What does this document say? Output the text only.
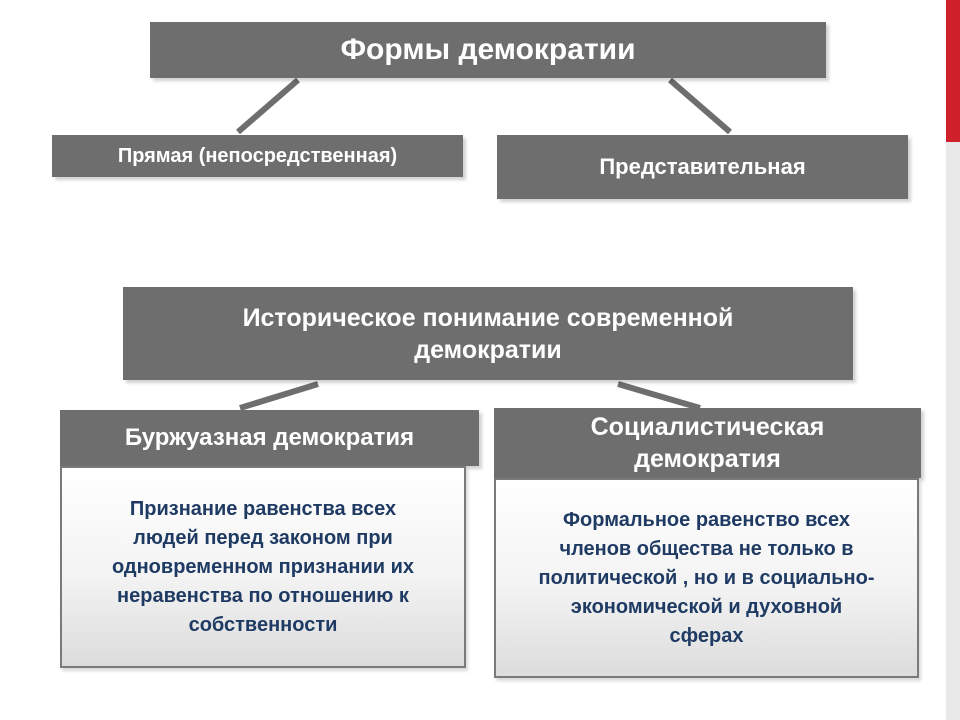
Формы демократии
Прямая (непосредственная)	Представительная
Историческое понимание современной
демократии
Буржуазная демократия
Признание равенства всех
людей перед законом при
одновременном признании их
неравенства по отношению к
собственности
Социалистическая
демократия
Формальное равенство всех
членов общества не только в
политической , но и в социально-
экономической и духовной
сферах
